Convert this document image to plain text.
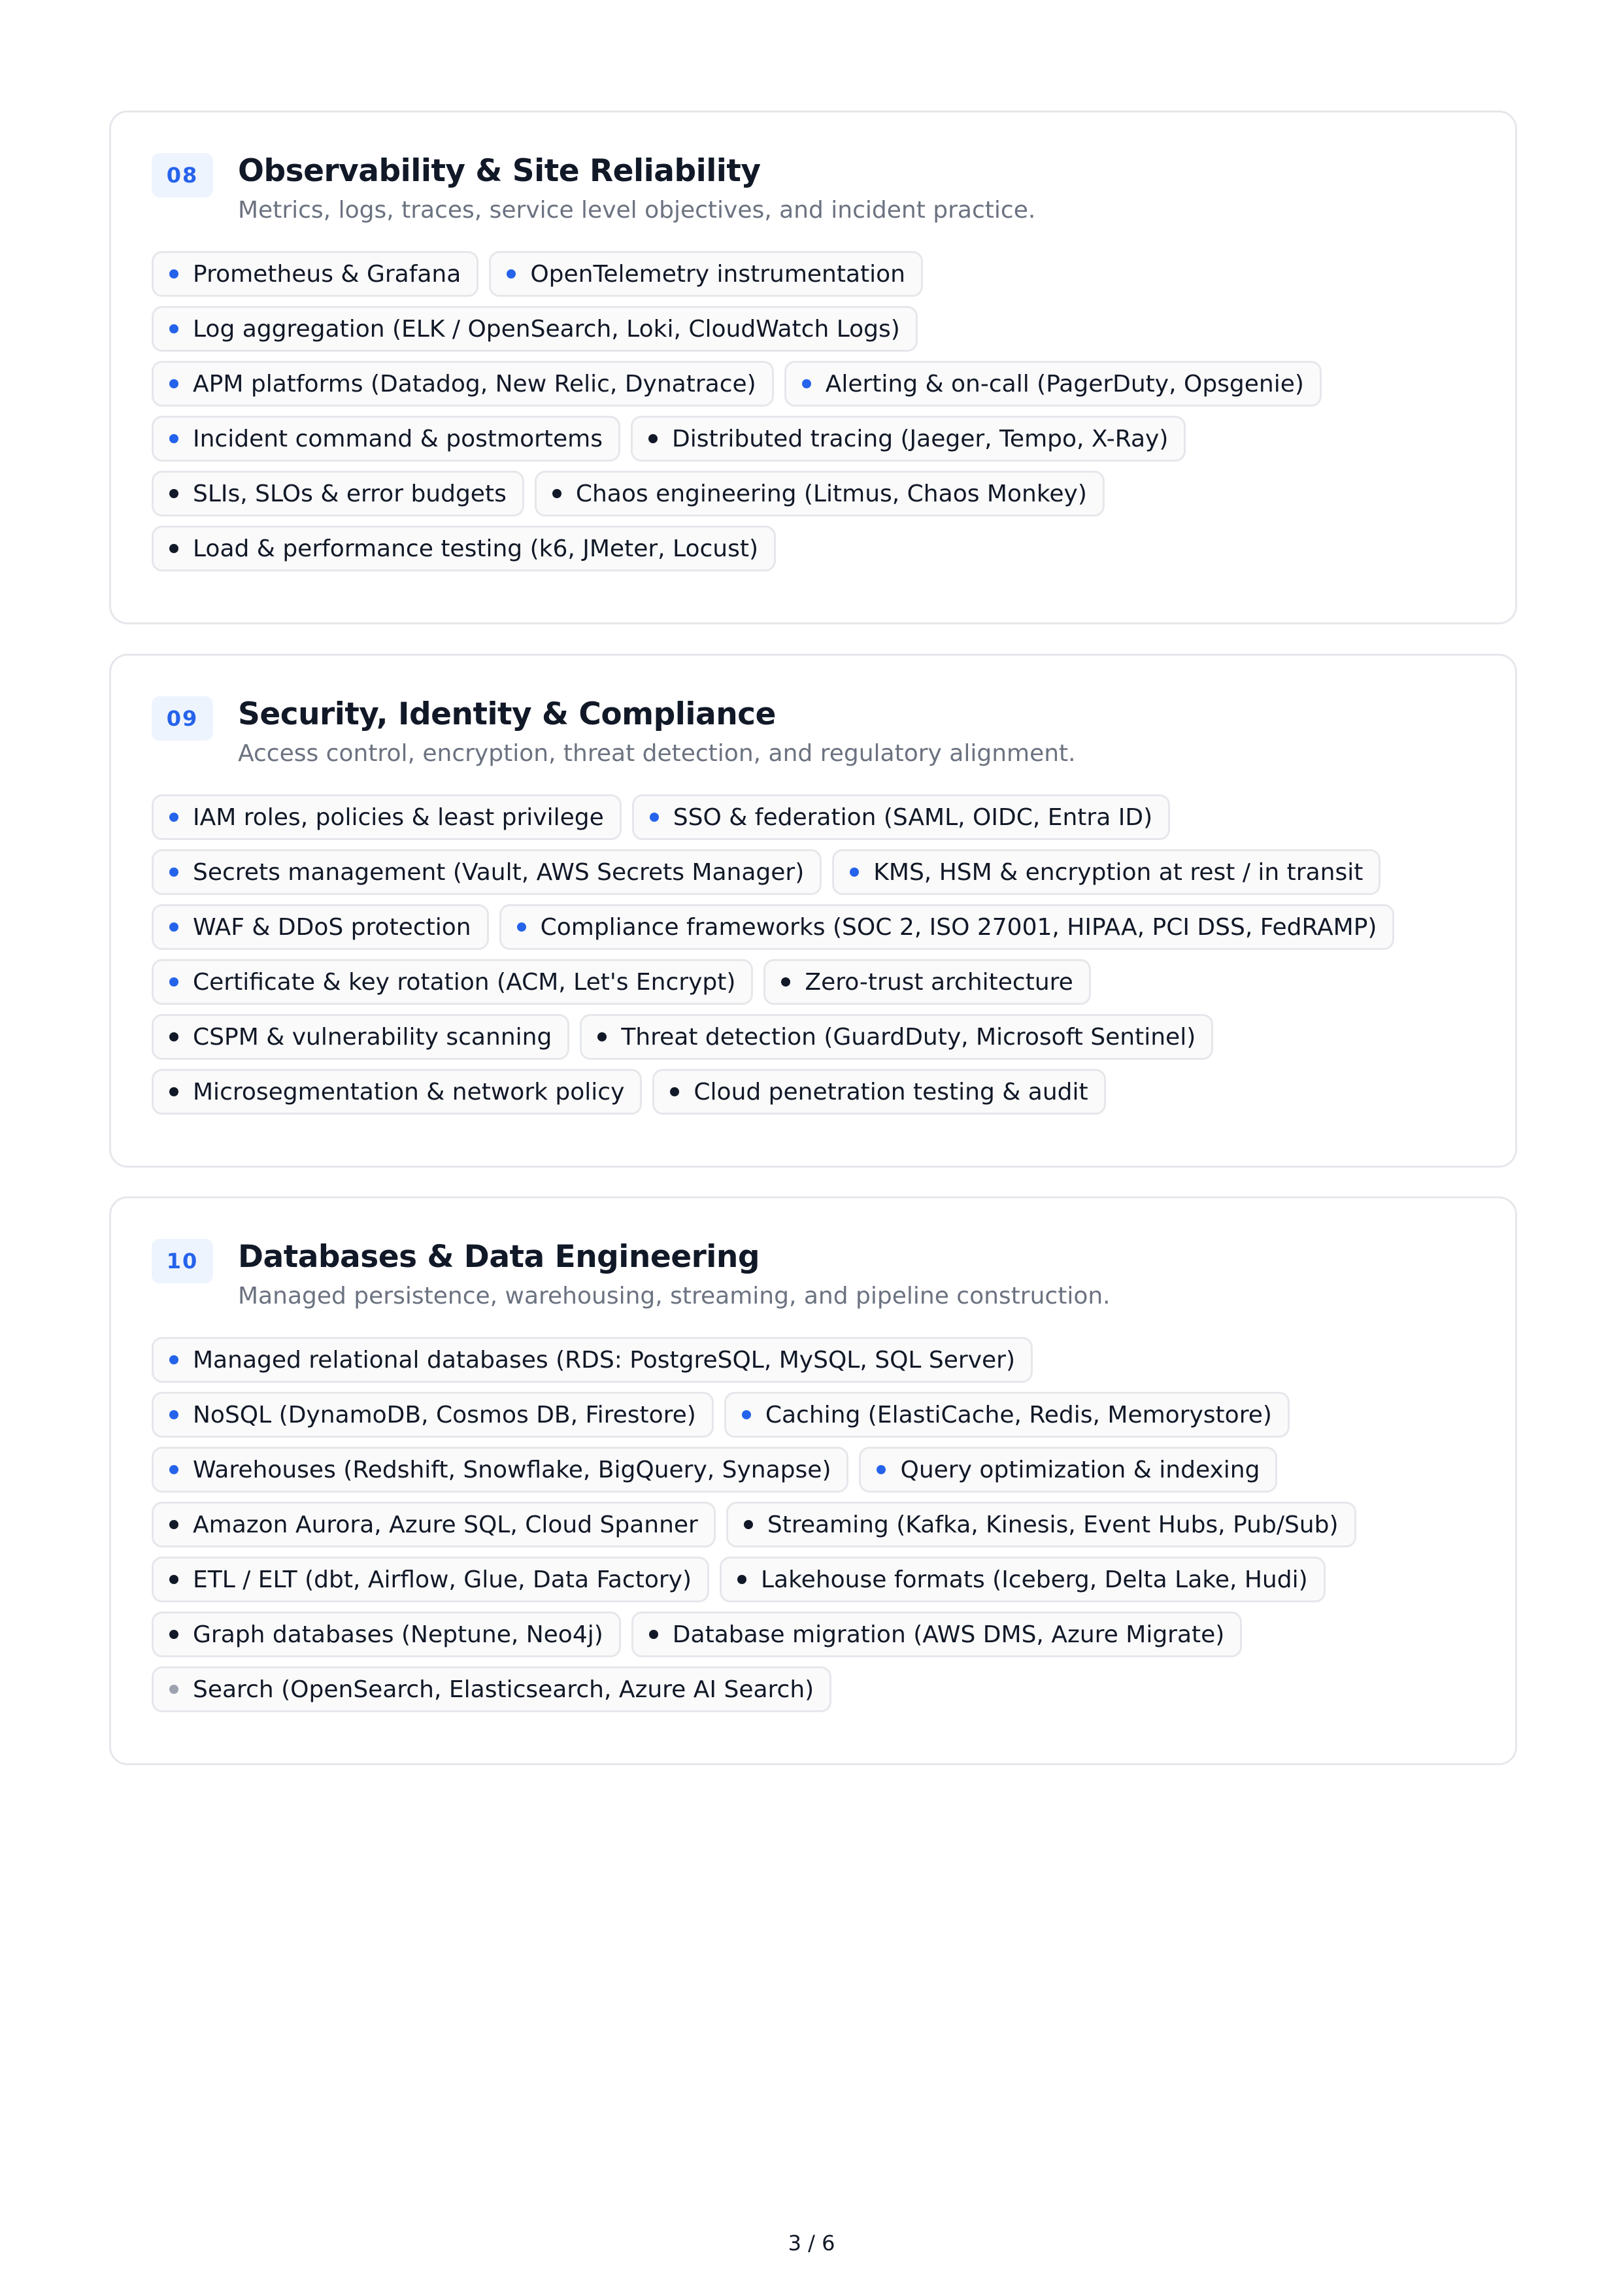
08	Observability & Site Reliability
Metrics, logs, traces, service level objectives, and incident practice.
Prometheus & Grafana	OpenTelemetry instrumentation
Log aggregation (ELK / OpenSearch, Loki, CloudWatch Logs)
APM platforms (Datadog, New Relic, Dynatrace)	Alerting & on-call (PagerDuty, Opsgenie)
Incident command & postmortems	Distributed tracing (Jaeger, Tempo, X-Ray)
SLIs, SLOs & error budgets	Chaos engineering (Litmus, Chaos Monkey)
Load & performance testing (k6, JMeter, Locust)
09	Security, Identity & Compliance
Access control, encryption, threat detection, and regulatory alignment.
IAM roles, policies & least privilege	SSO & federation (SAML, OIDC, Entra ID)
Secrets management (Vault, AWS Secrets Manager)	KMS, HSM & encryption at rest / in transit
WAF & DDoS protection	Compliance frameworks (SOC 2, ISO 27001, HIPAA, PCI DSS, FedRAMP)
Certificate & key rotation (ACM, Let's Encrypt)	Zero-trust architecture
CSPM & vulnerability scanning	Threat detection (GuardDuty, Microsoft Sentinel)
Microsegmentation & network policy	Cloud penetration testing & audit
10	Databases & Data Engineering
Managed persistence, warehousing, streaming, and pipeline construction.
Managed relational databases (RDS: PostgreSQL, MySQL, SQL Server)
NoSQL (DynamoDB, Cosmos DB, Firestore)	Caching (ElastiCache, Redis, Memorystore)
Warehouses (Redshift, Snowflake, BigQuery, Synapse)	Query optimization & indexing
Amazon Aurora, Azure SQL, Cloud Spanner	Streaming (Kafka, Kinesis, Event Hubs, Pub/Sub)
ETL / ELT (dbt, Airflow, Glue, Data Factory)	Lakehouse formats (Iceberg, Delta Lake, Hudi)
Graph databases (Neptune, Neo4j)	Database migration (AWS DMS, Azure Migrate)
Search (OpenSearch, Elasticsearch, Azure AI Search)
3 / 6
